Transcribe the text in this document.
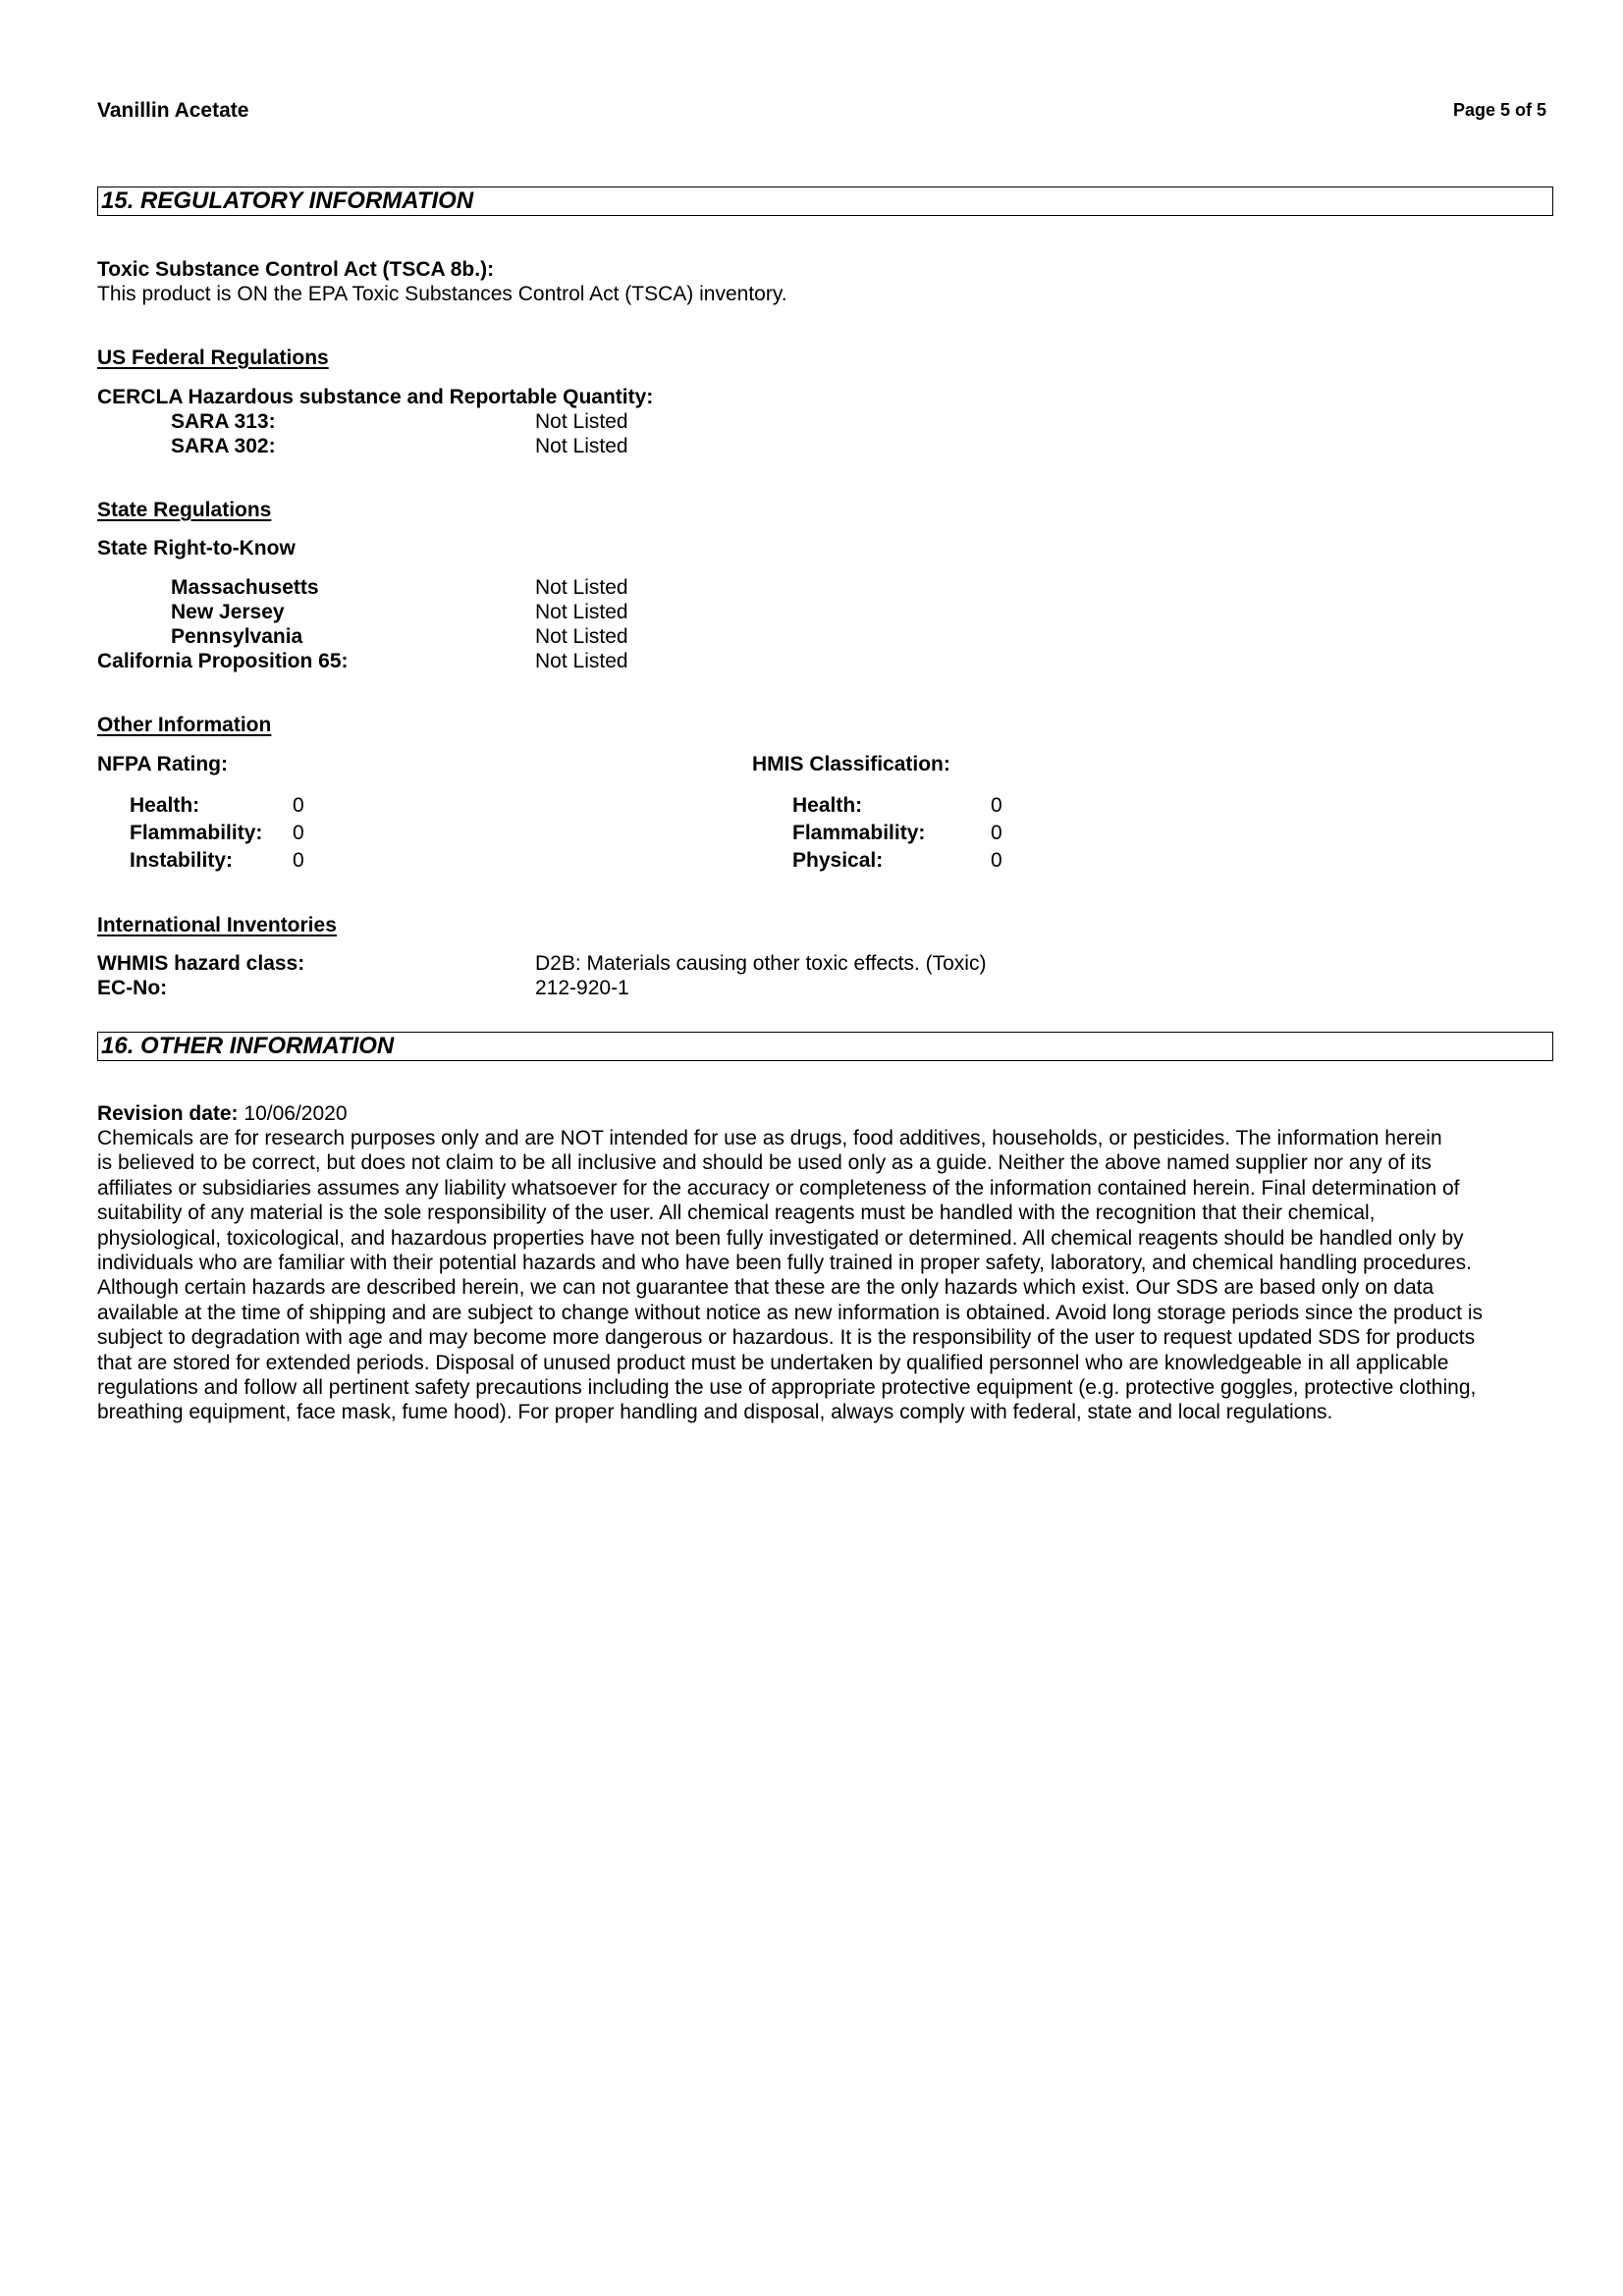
Vanillin Acetate	Page 5 of 5
15. REGULATORY INFORMATION
Toxic Substance Control Act (TSCA 8b.):
This product is ON the EPA Toxic Substances Control Act (TSCA) inventory.
US Federal Regulations
CERCLA Hazardous substance and Reportable Quantity:
SARA 313:	Not Listed
SARA 302:	Not Listed
State Regulations
State Right-to-Know
Massachusetts	Not Listed
New Jersey	Not Listed
Pennsylvania	Not Listed
California Proposition 65:	Not Listed
Other Information
NFPA Rating:
Health:	0
Flammability: 0
Instability:	0
HMIS Classification:
Health:	0
Flammability:	0
Physical:	0
International Inventories
WHMIS hazard class:	D2B: Materials causing other toxic effects. (Toxic)
EC-No:	212-920-1
16. OTHER INFORMATION
Revision date: 10/06/2020
Chemicals are for research purposes only and are NOT intended for use as drugs, food additives, households, or pesticides. The information herein
is believed to be correct, but does not claim to be all inclusive and should be used only as a guide. Neither the above named supplier nor any of its
affiliates or subsidiaries assumes any liability whatsoever for the accuracy or completeness of the information contained herein. Final determination of
suitability of any material is the sole responsibility of the user. All chemical reagents must be handled with the recognition that their chemical,
physiological, toxicological, and hazardous properties have not been fully investigated or determined. All chemical reagents should be handled only by
individuals who are familiar with their potential hazards and who have been fully trained in proper safety, laboratory, and chemical handling procedures.
Although certain hazards are described herein, we can not guarantee that these are the only hazards which exist. Our SDS are based only on data
available at the time of shipping and are subject to change without notice as new information is obtained. Avoid long storage periods since the product is
subject to degradation with age and may become more dangerous or hazardous. It is the responsibility of the user to request updated SDS for products
that are stored for extended periods. Disposal of unused product must be undertaken by qualified personnel who are knowledgeable in all applicable
regulations and follow all pertinent safety precautions including the use of appropriate protective equipment (e.g. protective goggles, protective clothing,
breathing equipment, face mask, fume hood). For proper handling and disposal, always comply with federal, state and local regulations.
